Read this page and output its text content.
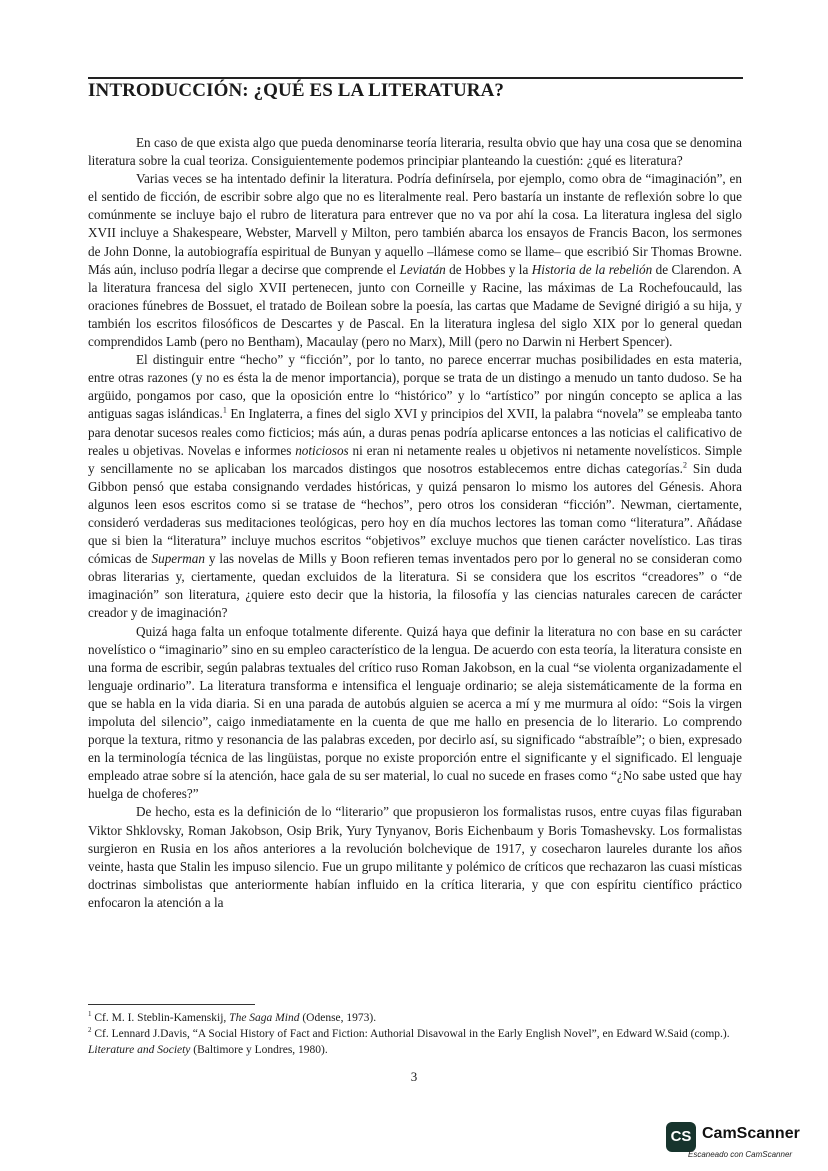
INTRODUCCIÓN: ¿QUÉ ES LA LITERATURA?

En caso de que exista algo que pueda denominarse teoría literaria, resulta obvio que hay una cosa que se denomina literatura sobre la cual teoriza. Consiguientemente podemos principiar planteando la cuestión: ¿qué es literatura?

Varias veces se ha intentado definir la literatura. Podría definírsela, por ejemplo, como obra de “imaginación”, en el sentido de ficción, de escribir sobre algo que no es literalmente real. Pero bastaría un instante de reflexión sobre lo que comúnmente se incluye bajo el rubro de literatura para entrever que no va por ahí la cosa. La literatura inglesa del siglo XVII incluye a Shakespeare, Webster, Marvell y Milton, pero también abarca los ensayos de Francis Bacon, los sermones de John Donne, la autobiografía espiritual de Bunyan y aquello –llámese como se llame– que escribió Sir Thomas Browne. Más aún, incluso podría llegar a decirse que comprende el Leviatán de Hobbes y la Historia de la rebelión de Clarendon. A la literatura francesa del siglo XVII pertenecen, junto con Corneille y Racine, las máximas de La Rochefoucauld, las oraciones fúnebres de Bossuet, el tratado de Boilean sobre la poesía, las cartas que Madame de Sevigné dirigió a su hija, y también los escritos filosóficos de Descartes y de Pascal. En la literatura inglesa del siglo XIX por lo general quedan comprendidos Lamb (pero no Bentham), Macaulay (pero no Marx), Mill (pero no Darwin ni Herbert Spencer).

El distinguir entre “hecho” y “ficción”, por lo tanto, no parece encerrar muchas posibilidades en esta materia, entre otras razones (y no es ésta la de menor importancia), porque se trata de un distingo a menudo un tanto dudoso. Se ha argüido, pongamos por caso, que la oposición entre lo “histórico” y lo “artístico” por ningún concepto se aplica a las antiguas sagas islándicas.$^1$ En Inglaterra, a fines del siglo XVI y principios del XVII, la palabra “novela” se empleaba tanto para denotar sucesos reales como ficticios; más aún, a duras penas podría aplicarse entonces a las noticias el calificativo de reales u objetivas. Novelas e informes noticiosos ni eran ni netamente reales u objetivos ni netamente novelísticos. Simple y sencillamente no se aplicaban los marcados distingos que nosotros establecemos entre dichas categorías.$^2$ Sin duda Gibbon pensó que estaba consignando verdades históricas, y quizá pensaron lo mismo los autores del Génesis. Ahora algunos leen esos escritos como si se tratase de “hechos”, pero otros los consideran “ficción”. Newman, ciertamente, consideró verdaderas sus meditaciones teológicas, pero hoy en día muchos lectores las toman como “literatura”. Añádase que si bien la “literatura” incluye muchos escritos “objetivos” excluye muchos que tienen carácter novelístico. Las tiras cómicas de Superman y las novelas de Mills y Boon refieren temas inventados pero por lo general no se consideran como obras literarias y, ciertamente, quedan excluidos de la literatura. Si se considera que los escritos “creadores” o “de imaginación” son literatura, ¿quiere esto decir que la historia, la filosofía y las ciencias naturales carecen de carácter creador y de imaginación?

Quizá haga falta un enfoque totalmente diferente. Quizá haya que definir la literatura no con base en su carácter novelístico o “imaginario” sino en su empleo característico de la lengua. De acuerdo con esta teoría, la literatura consiste en una forma de escribir, según palabras textuales del crítico ruso Roman Jakobson, en la cual “se violenta organizadamente el lenguaje ordinario”. La literatura transforma e intensifica el lenguaje ordinario; se aleja sistemáticamente de la forma en que se habla en la vida diaria. Si en una parada de autobús alguien se acerca a mí y me murmura al oído: “Sois la virgen impoluta del silencio”, caigo inmediatamente en la cuenta de que me hallo en presencia de lo literario. Lo comprendo porque la textura, ritmo y resonancia de las palabras exceden, por decirlo así, su significado “abstraíble”; o bien, expresado en la terminología técnica de las lingüistas, porque no existe proporción entre el significante y el significado. El lenguaje empleado atrae sobre sí la atención, hace gala de su ser material, lo cual no sucede en frases como “¿No sabe usted que hay huelga de choferes?”

De hecho, esta es la definición de lo “literario” que propusieron los formalistas rusos, entre cuyas filas figuraban Viktor Shklovsky, Roman Jakobson, Osip Brik, Yury Tynyanov, Boris Eichenbaum y Boris Tomashevsky. Los formalistas surgieron en Rusia en los años anteriores a la revolución bolchevique de 1917, y cosecharon laureles durante los años veinte, hasta que Stalin les impuso silencio. Fue un grupo militante y polémico de críticos que rechazaron las cuasi místicas doctrinas simbolistas que anteriormente habían influido en la crítica literaria, y que con espíritu científico práctico enfocaron la atención a la

$^1$ Cf. M. I. Steblin-Kamenskij, The Saga Mind (Odense, 1973).

$^2$ Cf. Lennard J.Davis, “A Social History of Fact and Fiction: Authorial Disavowal in the Early English Novel”, en Edward W.Said (comp.). Literature and Society (Baltimore y Londres, 1980).

3
CS CamScanner
Escaneado con CamScanner
